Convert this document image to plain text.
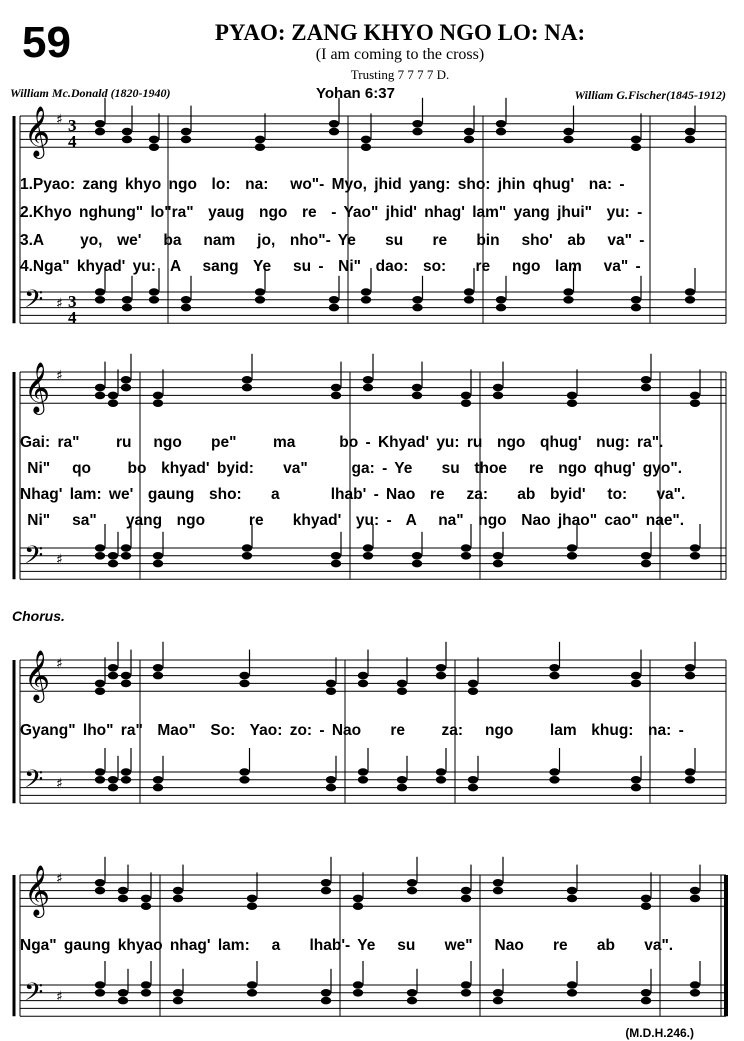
𝄞 ♯ 3
4
𝄢 ♯ 3
4
𝄞 ♯
𝄢 ♯
𝄞 ♯
𝄢 ♯
𝄞 ♯
𝄢 ♯
59	PYAO: ZANG KHYO NGO LO: NA:
(I am coming to the cross)
Trusting 7 7 7 7 D.
William Mc.Donald (1820-1940)	Yohan 6:37	William G.Fischer(1845-1912)
1.Pyao: zang khyo ngo  lo:  na:   wo"- Myo, jhid yang: sho: jhin qhug'  na: -
2.Khyo nghung" lo"ra"  yaug  ngo  re  - Yao" jhid' nhag' lam" yang jhui"  yu: -
3.A     yo,  we'   ba   nam   jo,  nho"- Ye    su    re    bin   sho'  ab   va" -
4.Nga" khyad' yu:  A   sang  Ye   su -  Ni"  dao:  so:    re   ngo  lam   va" -
Gai: ra"     ru   ngo    pe"     ma      bo - Khyad' yu: ru  ngo  qhug'  nug: ra".
Ni"   qo     bo  khyad' byid:    va"      ga: - Ye    su  thoe   re  ngo qhug' gyo".
Nhag' lam: we'  gaung  sho:    a       lhab' - Nao  re   za:    ab  byid'   to:    va".
Ni"   sa"    yang  ngo      re    khyad'  yu: -  A   na"  ngo  Nao jhao" cao" nae".
Chorus.
Gyang" lho" ra"  Mao"  So:  Yao: zo: - Nao    re     za:   ngo     lam  khug:  na: -
Nga" gaung khyao nhag' lam:   a    lhab'- Ye   su    we"   Nao    re    ab    va".
(M.D.H.246.)
